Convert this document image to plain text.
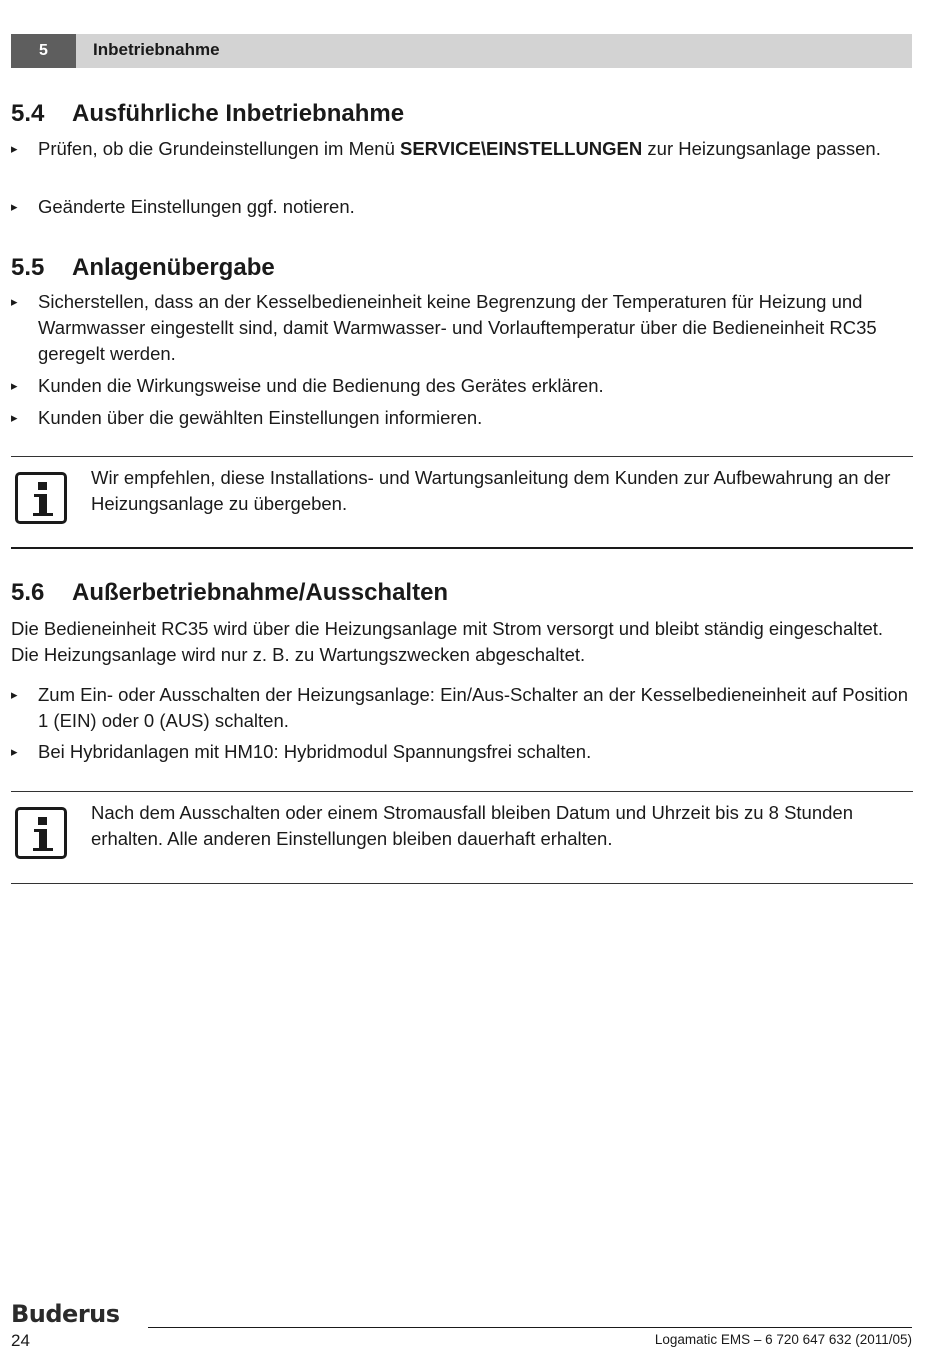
5	Inbetriebnahme
5.4 Ausführliche Inbetriebnahme
▸ Prüfen, ob die Grundeinstellungen im Menü SERVICE\EINSTELLUNGEN zur Heizungsanlage passen.
▸ Geänderte Einstellungen ggf. notieren.
5.5 Anlagenübergabe
▸ Sicherstellen, dass an der Kesselbedieneinheit keine Begrenzung der Temperaturen für Heizung und Warmwasser eingestellt sind, damit Warmwasser- und Vorlauftemperatur über die Bedieneinheit RC35 geregelt werden.
▸ Kunden die Wirkungsweise und die Bedienung des Gerätes erklären.
▸ Kunden über die gewählten Einstellungen informieren.
Wir empfehlen, diese Installations- und Wartungsanleitung dem Kunden zur Aufbewahrung an der Heizungsanlage zu übergeben.
5.6 Außerbetriebnahme/Ausschalten

Die Bedieneinheit RC35 wird über die Heizungsanlage mit Strom versorgt und bleibt ständig eingeschaltet. Die Heizungsanlage wird nur z. B. zu Wartungszwecken abgeschaltet.

▸ Zum Ein- oder Ausschalten der Heizungsanlage: Ein/Aus-Schalter an der Kesselbedieneinheit auf Position 1 (EIN) oder 0 (AUS) schalten.
▸ Bei Hybridanlagen mit HM10: Hybridmodul Spannungsfrei schalten.
Nach dem Ausschalten oder einem Stromausfall bleiben Datum und Uhrzeit bis zu 8 Stunden erhalten. Alle anderen Einstellungen bleiben dauerhaft erhalten.
Buderus
24	Logamatic EMS – 6 720 647 632 (2011/05)
